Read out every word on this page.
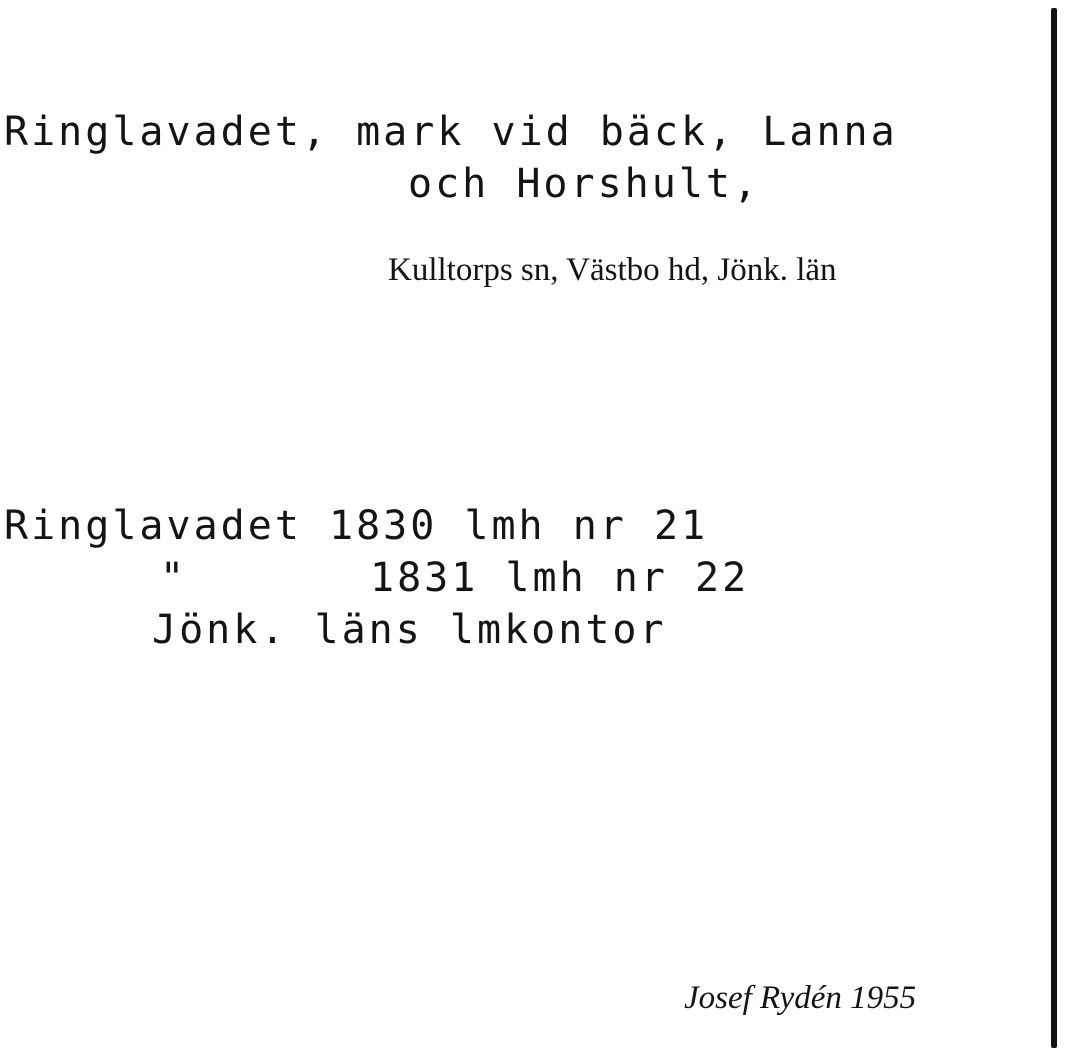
Ringlavadet, mark vid bäck, Lanna
och Horshult,
Kulltorps sn, Västbo hd, Jönk. län
Ringlavadet 1830 lmh nr 21
"	1831 lmh nr 22
Jönk. läns lmkontor
Josef Rydén 1955
